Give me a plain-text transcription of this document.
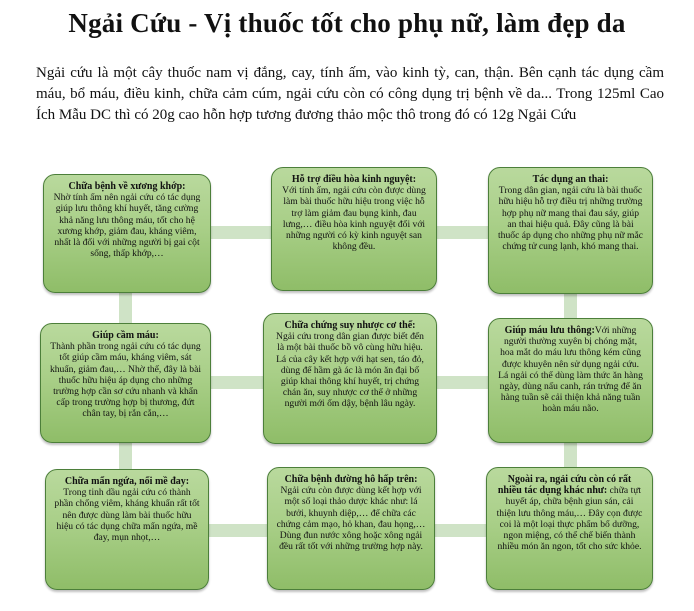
Ngải Cứu - Vị thuốc tốt cho phụ nữ, làm đẹp da
Ngải cứu là một cây thuốc nam vị đắng, cay, tính ấm, vào kinh tỳ, can, thận. Bên cạnh tác dụng cầm máu, bổ máu, điều kinh, chữa cảm cúm, ngải cứu còn có công dụng trị bệnh về da... Trong 125ml Cao Ích Mẫu DC thì có 20g cao hỗn hợp tương đương thảo mộc thô trong đó có 12g Ngải Cứu

Chữa bệnh về xương khớp:

Nhờ tính ấm nên ngải cứu có tác dụng giúp lưu thông khí huyết, tăng cường khả năng lưu thông máu, tốt cho hệ xương khớp, giảm đau, kháng viêm, nhất là đối với những người bị gai cột sống, thấp khớp,…

Hỗ trợ điều hòa kinh nguyệt:

Với tính ấm, ngải cứu còn được dùng làm bài thuốc hữu hiệu trong việc hỗ trợ làm giảm đau bụng kinh, đau lưng,… điều hòa kinh nguyệt đối với những người có kỳ kinh nguyệt san không đều.

Tác dụng an thai:

Trong dân gian, ngải cứu là bài thuốc hữu hiệu hỗ trợ điều trị những trường hợp phụ nữ mang thai đau sáy, giúp an thai hiệu quả. Đây cũng là bài thuốc áp dụng cho những phụ nữ mắc chứng tử cung lạnh, khó mang thai.

Giúp cầm máu:

Thành phần trong ngải cứu có tác dụng tốt giúp cầm máu, kháng viêm, sát khuẩn, giảm đau,… Nhờ thế, đây là bài thuốc hữu hiệu áp dụng cho những trường hợp cần sơ cứu nhanh và khẩn cấp trong trường hợp bị thương, đứt chân tay, bị rắn cắn,…

Chữa chứng suy nhược cơ thể:

Ngải cứu trong dân gian được biết đến là một bài thuốc bồ vô cùng hữu hiệu. Lá của cây kết hợp với hạt sen, táo đỏ, dùng để hầm gà ác là món ăn đại bổ giúp khai thông khí huyết, trị chứng chán ăn, suy nhược cơ thể ở những người mới ốm dậy, bệnh lâu ngày.

Giúp máu lưu thông:Với những người thường xuyên bị chóng mặt, hoa mắt do máu lưu thông kém cũng được khuyên nên sử dụng ngải cứu. Lá ngải có thể dùng làm thức ăn hàng ngày, dùng nấu canh, rán trứng để ăn hàng tuần sẽ cải thiện khả năng tuần hoàn máu não.

Chữa mẩn ngứa, nổi mề đay:

Trong tinh dầu ngải cứu có thành phần chống viêm, kháng khuẩn rất tốt nên được dùng làm bài thuốc hữu hiệu có tác dụng chữa mẩn ngứa, mề đay, mụn nhọt,…

Chữa bệnh đường hô hấp trên:

Ngải cứu còn được dùng kết hợp với một số loại thảo dược khác như: lá bưởi, khuynh diệp,… để chữa các chứng cảm mạo, hỏ khan, đau họng,… Dùng đun nước xông hoặc xông ngải đều rất tốt với những trường hợp này.

Ngoài ra, ngải cứu còn có rất nhiều tác dụng khác như: chữa tựt huyết áp, chữa bệnh giun sán, cải thiện lưu thông máu,… Đây cọn được coi là một loại thực phẩm bổ dưỡng, ngon miệng, có thể chế biến thành nhiều món ăn ngon, tốt cho sức khỏe.
